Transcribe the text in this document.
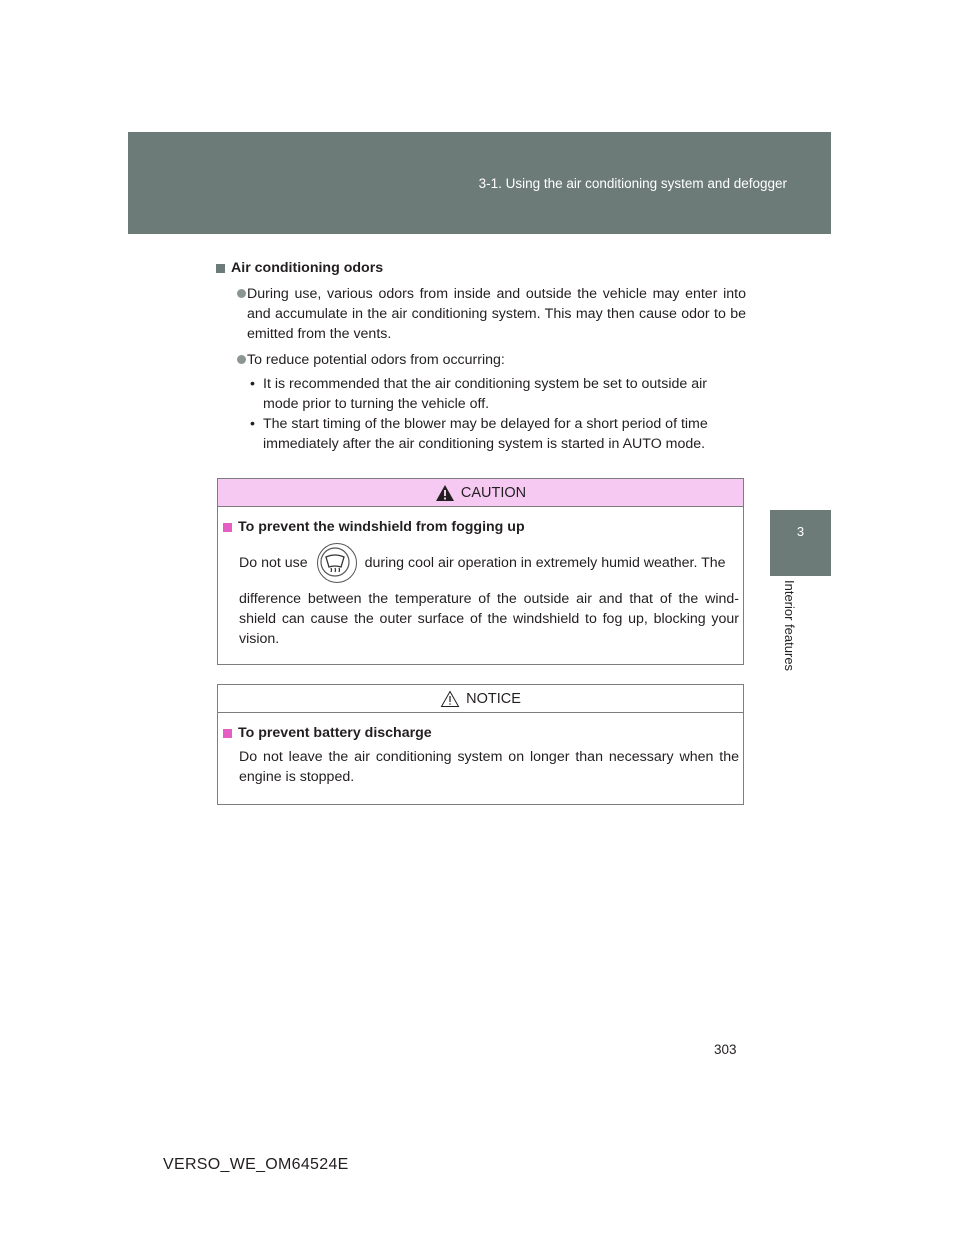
3-1. Using the air conditioning system and defogger
3
Interior features
Air conditioning odors
During use, various odors from inside and outside the vehicle may enter into and accumulate in the air conditioning system. This may then cause odor to be emitted from the vents.
To reduce potential odors from occurring:
• It is recommended that the air conditioning system be set to outside air mode prior to turning the vehicle off.
• The start timing of the blower may be delayed for a short period of time immediately after the air conditioning system is started in AUTO mode.
CAUTION
To prevent the windshield from fogging up
Do not use	during cool air operation in extremely humid weather. The
difference between the temperature of the outside air and that of the wind-shield can cause the outer surface of the windshield to fog up, blocking your vision.
NOTICE
To prevent battery discharge
Do not leave the air conditioning system on longer than necessary when the engine is stopped.
303
VERSO_WE_OM64524E
